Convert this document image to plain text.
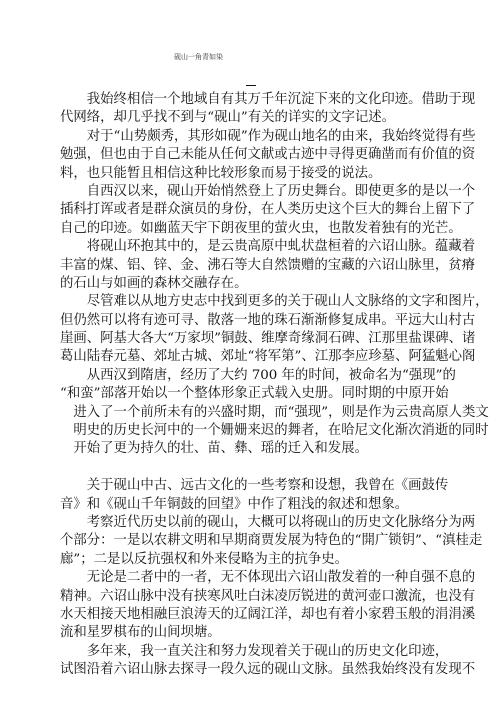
砚山一角青如染
　　我始终相信一个地域自有其万千年沉淀下来的文化印迹。借助于现
代网络，却几乎找不到与“砚山”有关的详实的文字记述。
　　对于“山势颇秀，其形如砚”作为砚山地名的由来，我始终觉得有些
勉强，但也由于自己未能从任何文献或古迹中寻得更确凿而有价值的资
料，也只能暂且相信这种比较形象而易于接受的说法。
　　自西汉以来，砚山开始悄然登上了历史舞台。即使更多的是以一个
插科打诨或者是群众演员的身份，在人类历史这个巨大的舞台上留下了
自己的印迹。如幽蓝天宇下朗夜里的萤火虫，也散发着独有的光芒。
　　将砚山环抱其中的，是云贵高原中虬状盘桓着的六诏山脉。蕴藏着
丰富的煤、铝、锌、金、沸石等大自然馈赠的宝藏的六诏山脉里，贫瘠
的石山与如画的森林交融存在。
　　尽管难以从地方史志中找到更多的关于砚山人文脉络的文字和图片，
但仍然可以将有迹可寻、散落一地的珠石渐渐修复成串。平远大山村古
崖画、阿基大各大“万家坝”铜鼓、维摩奇缘洞石碑、江那里盐课碑、诸
葛山陆春元墓、郊址古城、郊址“将军第”、江那李应珍墓、阿猛魁心阁
　　从西汉到隋唐，经历了大约 700 年的时间，被命名为“强现”的
“和蛮”部落开始以一个整体形象正式载入史册。同时期的中原开始
　进入了一个前所未有的兴盛时期，而“强现”，则是作为云贵高原人类文
　明史的历史长河中的一个姗姗来迟的舞者，在哈尼文化渐次消逝的同时
　开始了更为持久的壮、苗、彝、瑶的迁入和发展。
　　关于砚山中古、远古文化的一些考察和设想，我曾在《画鼓传
音》和《砚山千年铜鼓的回望》中作了粗浅的叙述和想象。
　　考察近代历史以前的砚山，大概可以将砚山的历史文化脉络分为两
个部分：一是以农耕文明和早期商贾发展为特色的“開广锁钥”、“滇桂走
廊”；二是以反抗强权和外来侵略为主的抗争史。
　　无论是二者中的一者，无不体现出六诏山散发着的一种自强不息的
精神。六诏山脉中没有挟寒风吐白沫凌厉锐进的黄河壶口激流，也没有
水天相接天地相融巨浪涛天的辽阔江洋，却也有着小家碧玉般的涓涓溪
流和星罗棋布的山间坝塘。
　　多年来，我一直关注和努力发现着关于砚山的历史文化印迹，
试图沿着六诏山脉去探寻一段久远的砚山文脉。虽然我始终没有发现不
